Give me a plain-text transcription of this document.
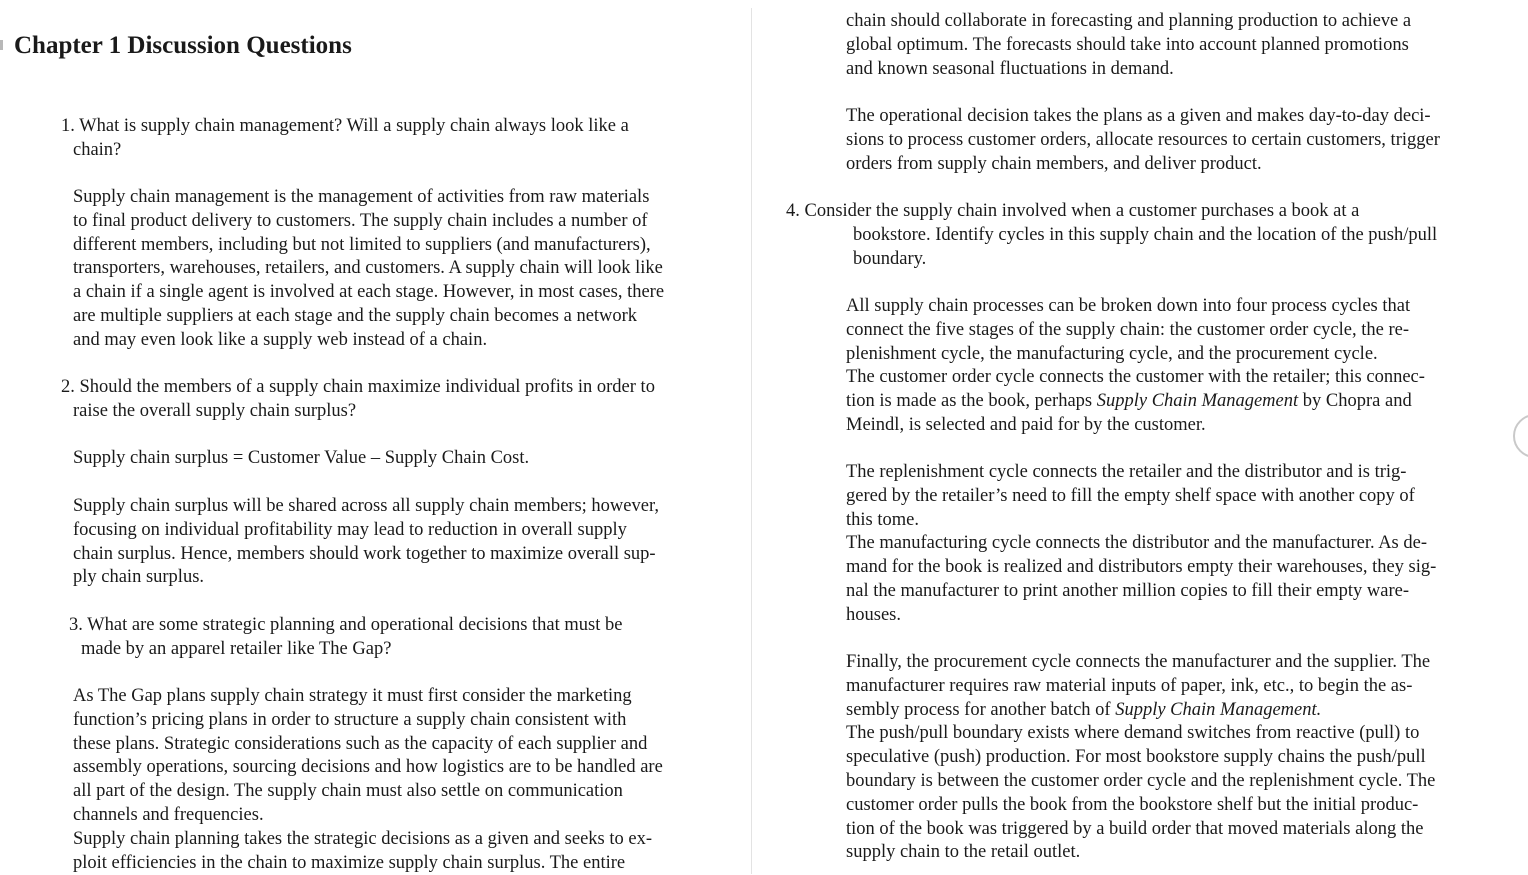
Chapter 1 Discussion Questions
1. What is supply chain management? Will a supply chain always look like a
chain?
Supply chain management is the management of activities from raw materials
to final product delivery to customers. The supply chain includes a number of
different members, including but not limited to suppliers (and manufacturers),
transporters, warehouses, retailers, and customers. A supply chain will look like
a chain if a single agent is involved at each stage. However, in most cases, there
are multiple suppliers at each stage and the supply chain becomes a network
and may even look like a supply web instead of a chain.
2. Should the members of a supply chain maximize individual profits in order to
raise the overall supply chain surplus?
Supply chain surplus = Customer Value – Supply Chain Cost.
Supply chain surplus will be shared across all supply chain members; however,
focusing on individual profitability may lead to reduction in overall supply
chain surplus. Hence, members should work together to maximize overall sup-
ply chain surplus.
3. What are some strategic planning and operational decisions that must be
made by an apparel retailer like The Gap?
As The Gap plans supply chain strategy it must first consider the marketing
function’s pricing plans in order to structure a supply chain consistent with
these plans. Strategic considerations such as the capacity of each supplier and
assembly operations, sourcing decisions and how logistics are to be handled are
all part of the design. The supply chain must also settle on communication
channels and frequencies.
Supply chain planning takes the strategic decisions as a given and seeks to ex-
ploit efficiencies in the chain to maximize supply chain surplus. The entire
chain should collaborate in forecasting and planning production to achieve a
global optimum. The forecasts should take into account planned promotions
and known seasonal fluctuations in demand.
The operational decision takes the plans as a given and makes day-to-day deci-
sions to process customer orders, allocate resources to certain customers, trigger
orders from supply chain members, and deliver product.
4. Consider the supply chain involved when a customer purchases a book at a
bookstore. Identify cycles in this supply chain and the location of the push/pull
boundary.
All supply chain processes can be broken down into four process cycles that
connect the five stages of the supply chain: the customer order cycle, the re-
plenishment cycle, the manufacturing cycle, and the procurement cycle.
The customer order cycle connects the customer with the retailer; this connec-
tion is made as the book, perhaps Supply Chain Management by Chopra and
Meindl, is selected and paid for by the customer.
The replenishment cycle connects the retailer and the distributor and is trig-
gered by the retailer’s need to fill the empty shelf space with another copy of
this tome.
The manufacturing cycle connects the distributor and the manufacturer. As de-
mand for the book is realized and distributors empty their warehouses, they sig-
nal the manufacturer to print another million copies to fill their empty ware-
houses.
Finally, the procurement cycle connects the manufacturer and the supplier. The
manufacturer requires raw material inputs of paper, ink, etc., to begin the as-
sembly process for another batch of Supply Chain Management.
The push/pull boundary exists where demand switches from reactive (pull) to
speculative (push) production. For most bookstore supply chains the push/pull
boundary is between the customer order cycle and the replenishment cycle. The
customer order pulls the book from the bookstore shelf but the initial produc-
tion of the book was triggered by a build order that moved materials along the
supply chain to the retail outlet.
